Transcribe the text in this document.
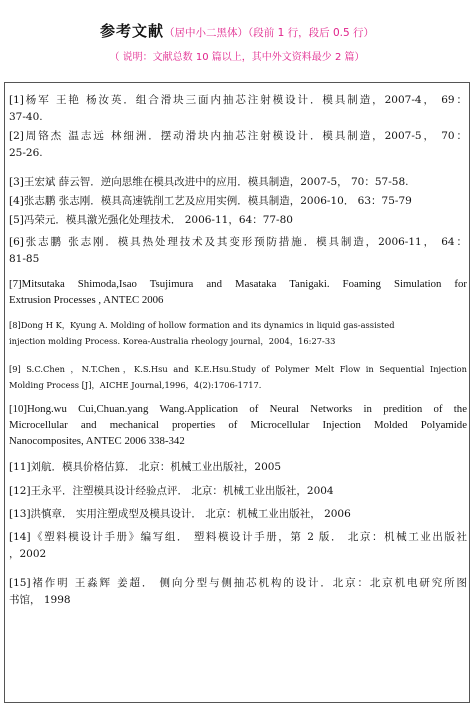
参考文献（居中小二黑体）（段前 1 行，段后 0.5 行）
（ 说明：文献总数 10 篇以上，其中外文资料最少 2 篇）
[1]杨军 王艳 杨汝英．组合滑块三面内抽芯注射模设计．模具制造，2007-4， 69：
37-40.
[2]周铬杰 温志远 林细洲．摆动滑块内抽芯注射模设计．模具制造，2007-5， 70：
25-26.
[3]王宏斌 薛云智．逆向思维在模具改进中的应用．模具制造，2007-5， 70：57-58.
[4]张志鹏 张志刚．模具高速铣削工艺及应用实例．模具制造，2006-10． 63：75-79
[5]冯荣元．模具激光强化处理技术． 2006-11，64：77-80
[6]张志鹏 张志刚．模具热处理技术及其变形预防措施．模具制造，2006-11， 64：
81-85
[7]Mitsutaka Shimoda,Isao Tsujimura and Masataka Tanigaki. Foaming Simulation for
Extrusion Processes , ANTEC 2006
[8]Dong H K，Kyung A. Molding of hollow formation and its dynamics in liquid gas-assisted
injection molding Process. Korea-Australia rheology journal，2004，16:27-33
[9] S.C.Chen ，N.T.Chen，K.S.Hsu and K.E.Hsu.Study of Polymer Melt Flow in Sequential Injection
Molding Process [J]，AICHE Journal,1996，4(2):1706-1717.
[10]Hong.wu Cui,Chuan.yang Wang.Application of Neural Networks in predition of the
Microcellular and mechanical properties of Microcellular Injection Molded Polyamide
Nanocomposites, ANTEC 2006 338-342
[11]刘航．模具价格估算． 北京：机械工业出版社，2005
[12]王永平．注塑模具设计经验点评． 北京：机械工业出版社，2004
[13]洪慎章． 实用注塑成型及模具设计． 北京：机械工业出版社， 2006
[14]《塑料模设计手册》编写组． 塑料模设计手册，第 2 版． 北京：机械工业出版社
，2002
[15]褚作明 王淼辉 姜超． 侧向分型与侧抽芯机构的设计．北京：北京机电研究所图
书馆， 1998
